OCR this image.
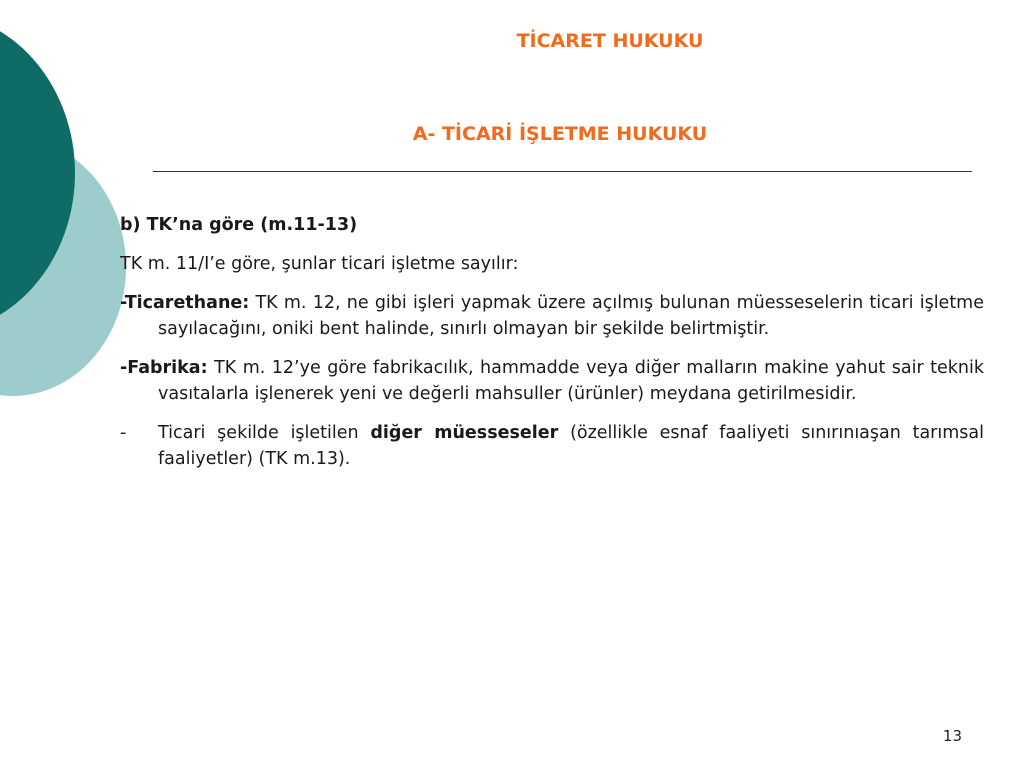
TİCARET HUKUKU
A- TİCARİ İŞLETME HUKUKU

b) TK’na göre (m.11-13)

TK m. 11/I’e göre, şunlar ticari işletme sayılır:

-Ticarethane: TK m. 12, ne gibi işleri yapmak üzere açılmış bulunan müesseselerin ticari işletme sayılacağını, oniki bent halinde, sınırlı olmayan bir şekilde belirtmiştir.

-Fabrika: TK m. 12’ye göre fabrikacılık, hammadde veya diğer malların makine yahut sair teknik vasıtalarla işlenerek yeni ve değerli mahsuller (ürünler) meydana getirilmesidir.

- Ticari şekilde işletilen diğer müesseseler (özellikle esnaf faaliyeti sınırınıaşan tarımsal faaliyetler) (TK m.13).

13
